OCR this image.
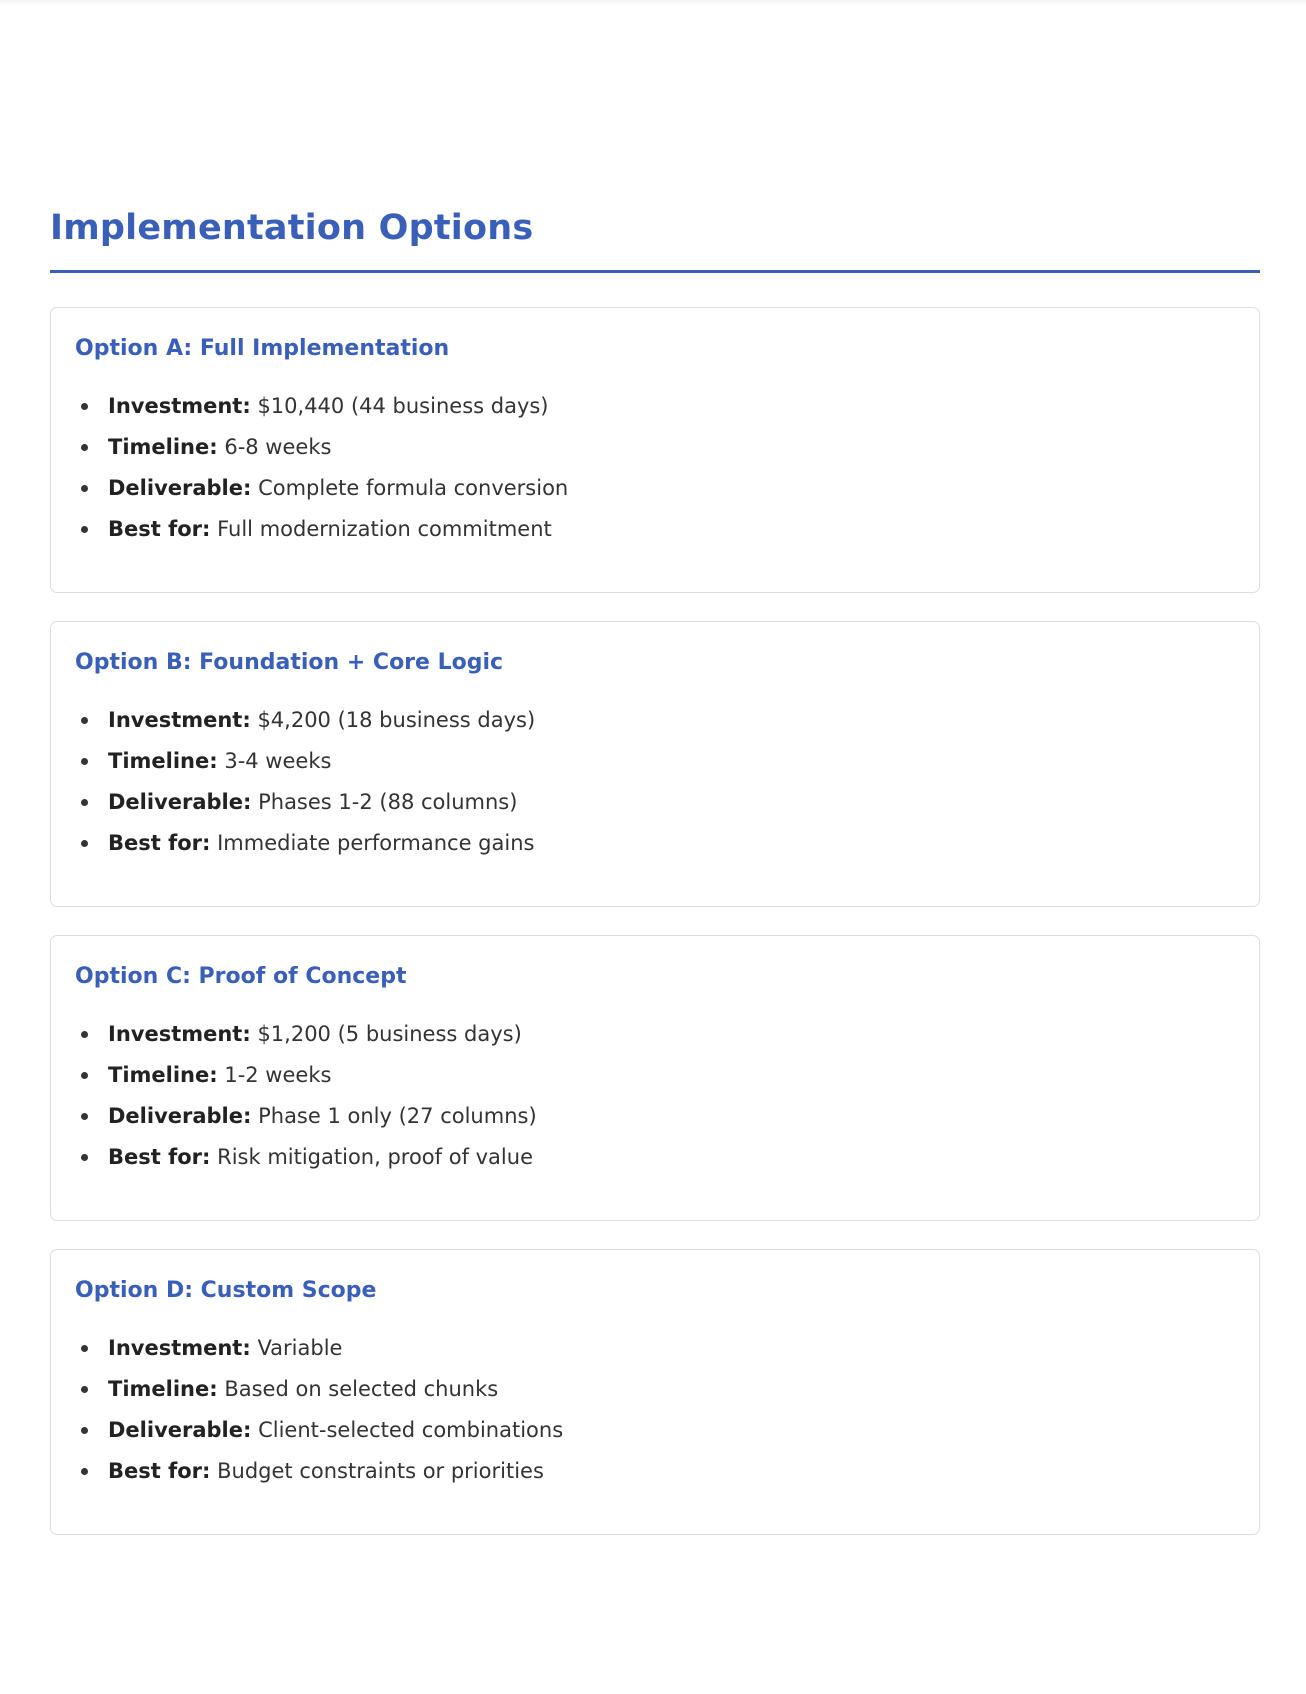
Implementation Options
Option A: Full Implementation
Investment: $10,440 (44 business days)
Timeline: 6-8 weeks
Deliverable: Complete formula conversion
Best for: Full modernization commitment
Option B: Foundation + Core Logic
Investment: $4,200 (18 business days)
Timeline: 3-4 weeks
Deliverable: Phases 1-2 (88 columns)
Best for: Immediate performance gains
Option C: Proof of Concept
Investment: $1,200 (5 business days)
Timeline: 1-2 weeks
Deliverable: Phase 1 only (27 columns)
Best for: Risk mitigation, proof of value
Option D: Custom Scope
Investment: Variable
Timeline: Based on selected chunks
Deliverable: Client-selected combinations
Best for: Budget constraints or priorities
